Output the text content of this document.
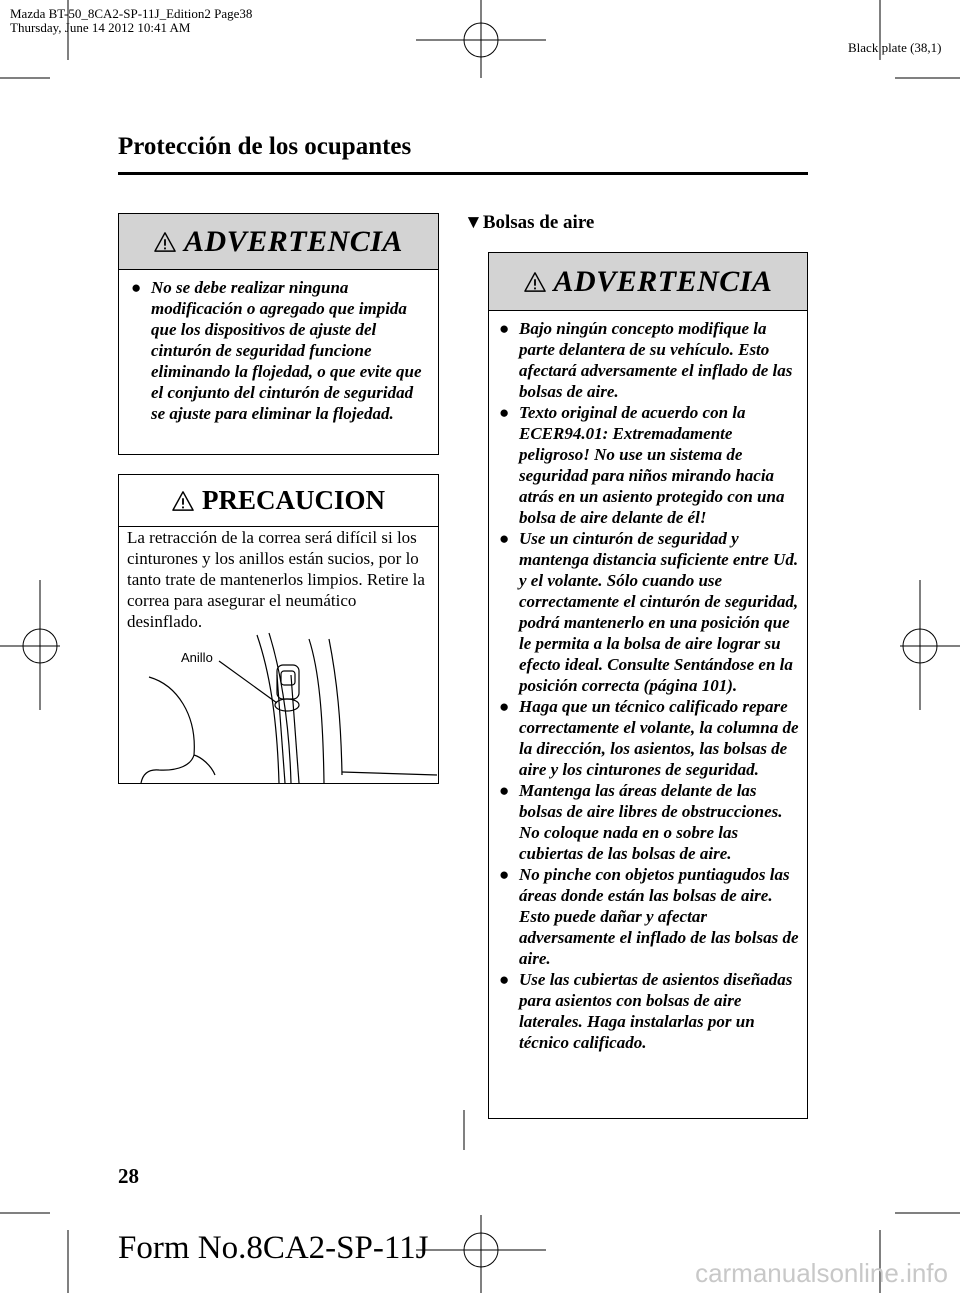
Mazda BT-50_8CA2-SP-11J_Edition2 Page38
Thursday, June 14 2012 10:41 AM
Black plate (38,1)
Protección de los ocupantes
ADVERTENCIA
● No se debe realizar ninguna modificación o agregado que impida que los dispositivos de ajuste del cinturón de seguridad funcione eliminando la flojedad, o que evite que el conjunto del cinturón de seguridad se ajuste para eliminar la flojedad.
PRECAUCION
La retracción de la correa será difícil si los cinturones y los anillos están sucios, por lo tanto trate de mantenerlos limpios. Retire la correa para asegurar el neumático desinflado.
Anillo
▼Bolsas de aire
ADVERTENCIA
● Bajo ningún concepto modifique la parte delantera de su vehículo. Esto afectará adversamente el inflado de las bolsas de aire.
● Texto original de acuerdo con la ECER94.01: Extremadamente peligroso! No use un sistema de seguridad para niños mirando hacia atrás en un asiento protegido con una bolsa de aire delante de él!
● Use un cinturón de seguridad y mantenga distancia suficiente entre Ud. y el volante. Sólo cuando use correctamente el cinturón de seguridad, podrá mantenerlo en una posición que le permita a la bolsa de aire lograr su efecto ideal. Consulte Sentándose en la posición correcta (página 101).
● Haga que un técnico calificado repare correctamente el volante, la columna de la dirección, los asientos, las bolsas de aire y los cinturones de seguridad.
● Mantenga las áreas delante de las bolsas de aire libres de obstrucciones. No coloque nada en o sobre las cubiertas de las bolsas de aire.
● No pinche con objetos puntiagudos las áreas donde están las bolsas de aire. Esto puede dañar y afectar adversamente el inflado de las bolsas de aire.
● Use las cubiertas de asientos diseñadas para asientos con bolsas de aire laterales. Haga instalarlas por un técnico calificado.
28
Form No.8CA2-SP-11J
carmanualsonline.info
